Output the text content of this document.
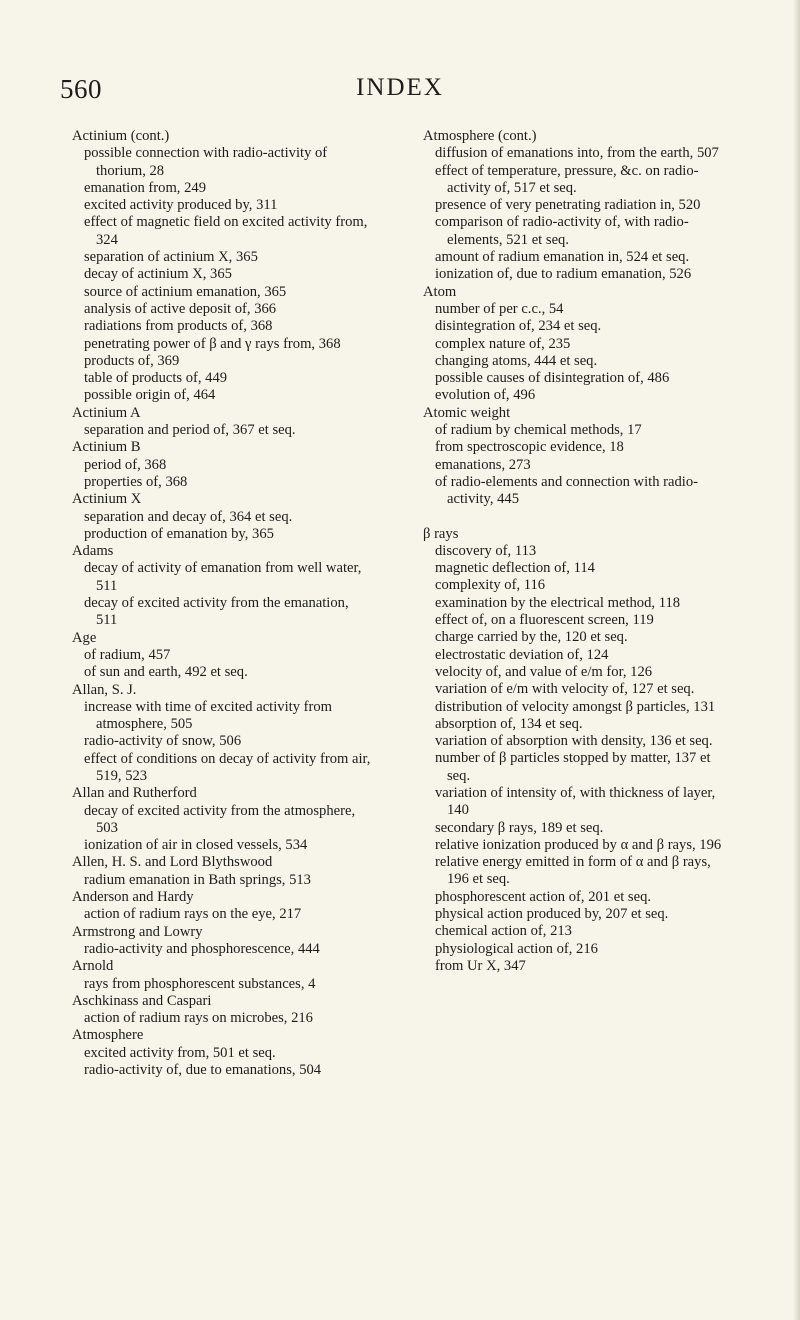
560	INDEX

Actinium (cont.)

possible connection with radio-activity of thorium, 28

emanation from, 249

excited activity produced by, 311

effect of magnetic field on excited activity from, 324

separation of actinium X, 365

decay of actinium X, 365

source of actinium emanation, 365

analysis of active deposit of, 366

radiations from products of, 368

penetrating power of β and γ rays from, 368

products of, 369

table of products of, 449

possible origin of, 464

Actinium A

separation and period of, 367 et seq.

Actinium B

period of, 368

properties of, 368

Actinium X

separation and decay of, 364 et seq.

production of emanation by, 365

Adams

decay of activity of emanation from well water, 511

decay of excited activity from the emanation, 511

Age

of radium, 457

of sun and earth, 492 et seq.

Allan, S. J.

increase with time of excited activity from atmosphere, 505

radio-activity of snow, 506

effect of conditions on decay of activity from air, 519, 523

Allan and Rutherford

decay of excited activity from the atmosphere, 503

ionization of air in closed vessels, 534

Allen, H. S. and Lord Blythswood

radium emanation in Bath springs, 513

Anderson and Hardy

action of radium rays on the eye, 217

Armstrong and Lowry

radio-activity and phosphorescence, 444

Arnold

rays from phosphorescent substances, 4

Aschkinass and Caspari

action of radium rays on microbes, 216

Atmosphere

excited activity from, 501 et seq.

radio-activity of, due to emanations, 504

Atmosphere (cont.)

diffusion of emanations into, from the earth, 507

effect of temperature, pressure, &c. on radio-activity of, 517 et seq.

presence of very penetrating radiation in, 520

comparison of radio-activity of, with radio-elements, 521 et seq.

amount of radium emanation in, 524 et seq.

ionization of, due to radium emanation, 526

Atom

number of per c.c., 54

disintegration of, 234 et seq.

complex nature of, 235

changing atoms, 444 et seq.

possible causes of disintegration of, 486

evolution of, 496

Atomic weight

of radium by chemical methods, 17

from spectroscopic evidence, 18

emanations, 273

of radio-elements and connection with radio-activity, 445

β rays

discovery of, 113

magnetic deflection of, 114

complexity of, 116

examination by the electrical method, 118

effect of, on a fluorescent screen, 119

charge carried by the, 120 et seq.

electrostatic deviation of, 124

velocity of, and value of e/m for, 126

variation of e/m with velocity of, 127 et seq.

distribution of velocity amongst β particles, 131

absorption of, 134 et seq.

variation of absorption with density, 136 et seq.

number of β particles stopped by matter, 137 et seq.

variation of intensity of, with thickness of layer, 140

secondary β rays, 189 et seq.

relative ionization produced by α and β rays, 196

relative energy emitted in form of α and β rays, 196 et seq.

phosphorescent action of, 201 et seq.

physical action produced by, 207 et seq.

chemical action of, 213

physiological action of, 216

from Ur X, 347
